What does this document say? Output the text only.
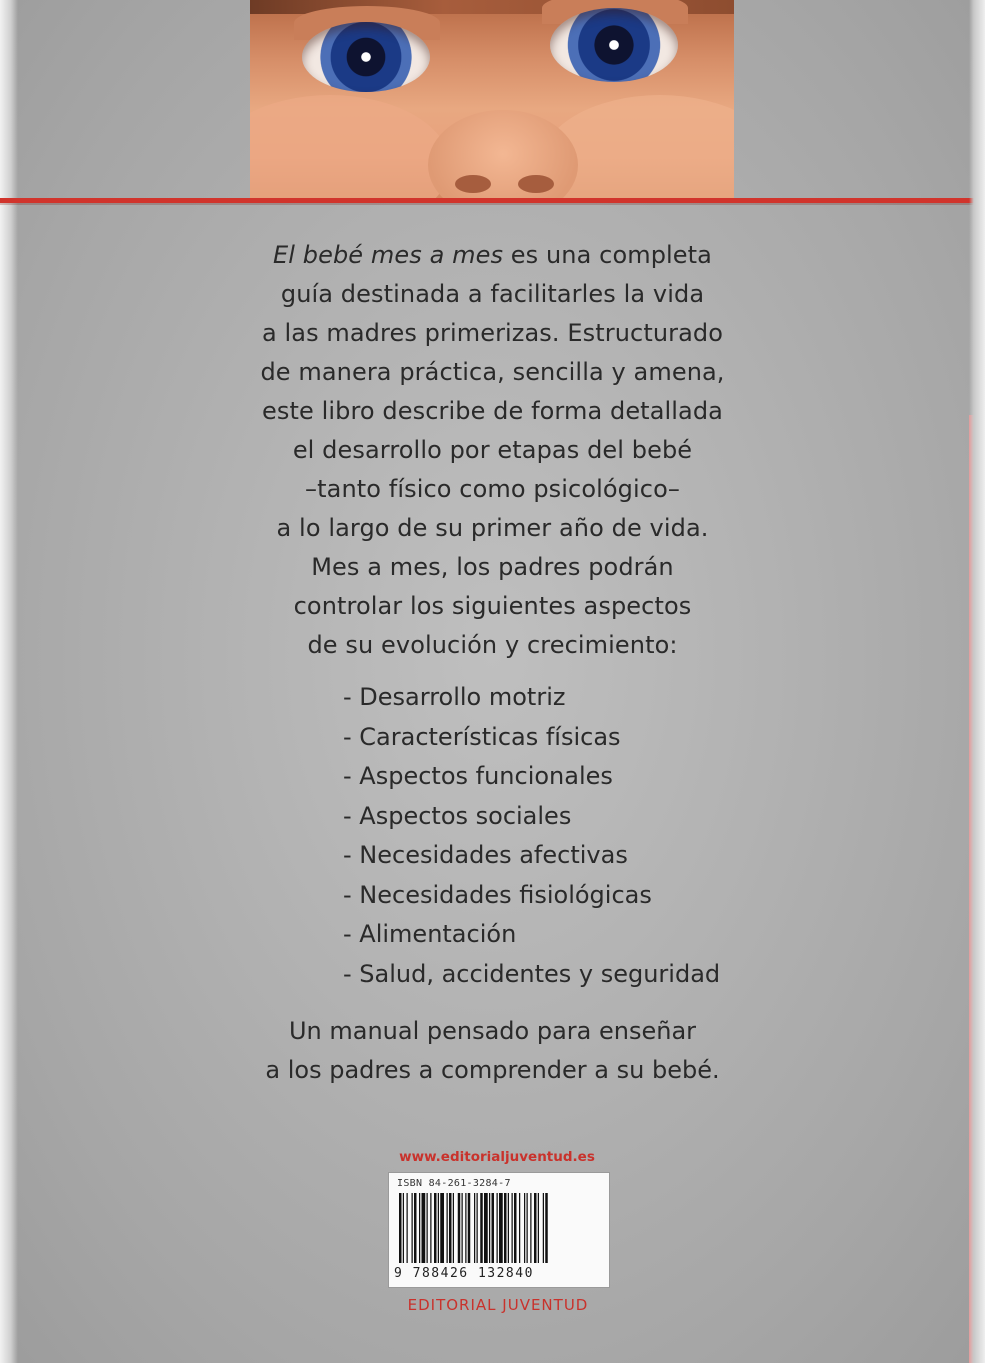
El bebé mes a mes es una completa
guía destinada a facilitarles la vida
a las madres primerizas. Estructurado
de manera práctica, sencilla y amena,
este libro describe de forma detallada
el desarrollo por etapas del bebé
–tanto físico como psicológico–
a lo largo de su primer año de vida.
Mes a mes, los padres podrán
controlar los siguientes aspectos
de su evolución y crecimiento:
- Desarrollo motriz
- Características físicas
- Aspectos funcionales
- Aspectos sociales
- Necesidades afectivas
- Necesidades fisiológicas
- Alimentación
- Salud, accidentes y seguridad
Un manual pensado para enseñar
a los padres a comprender a su bebé.
www.editorialjuventud.es
ISBN 84-261-3284-7
9 788426 132840
EDITORIAL JUVENTUD
